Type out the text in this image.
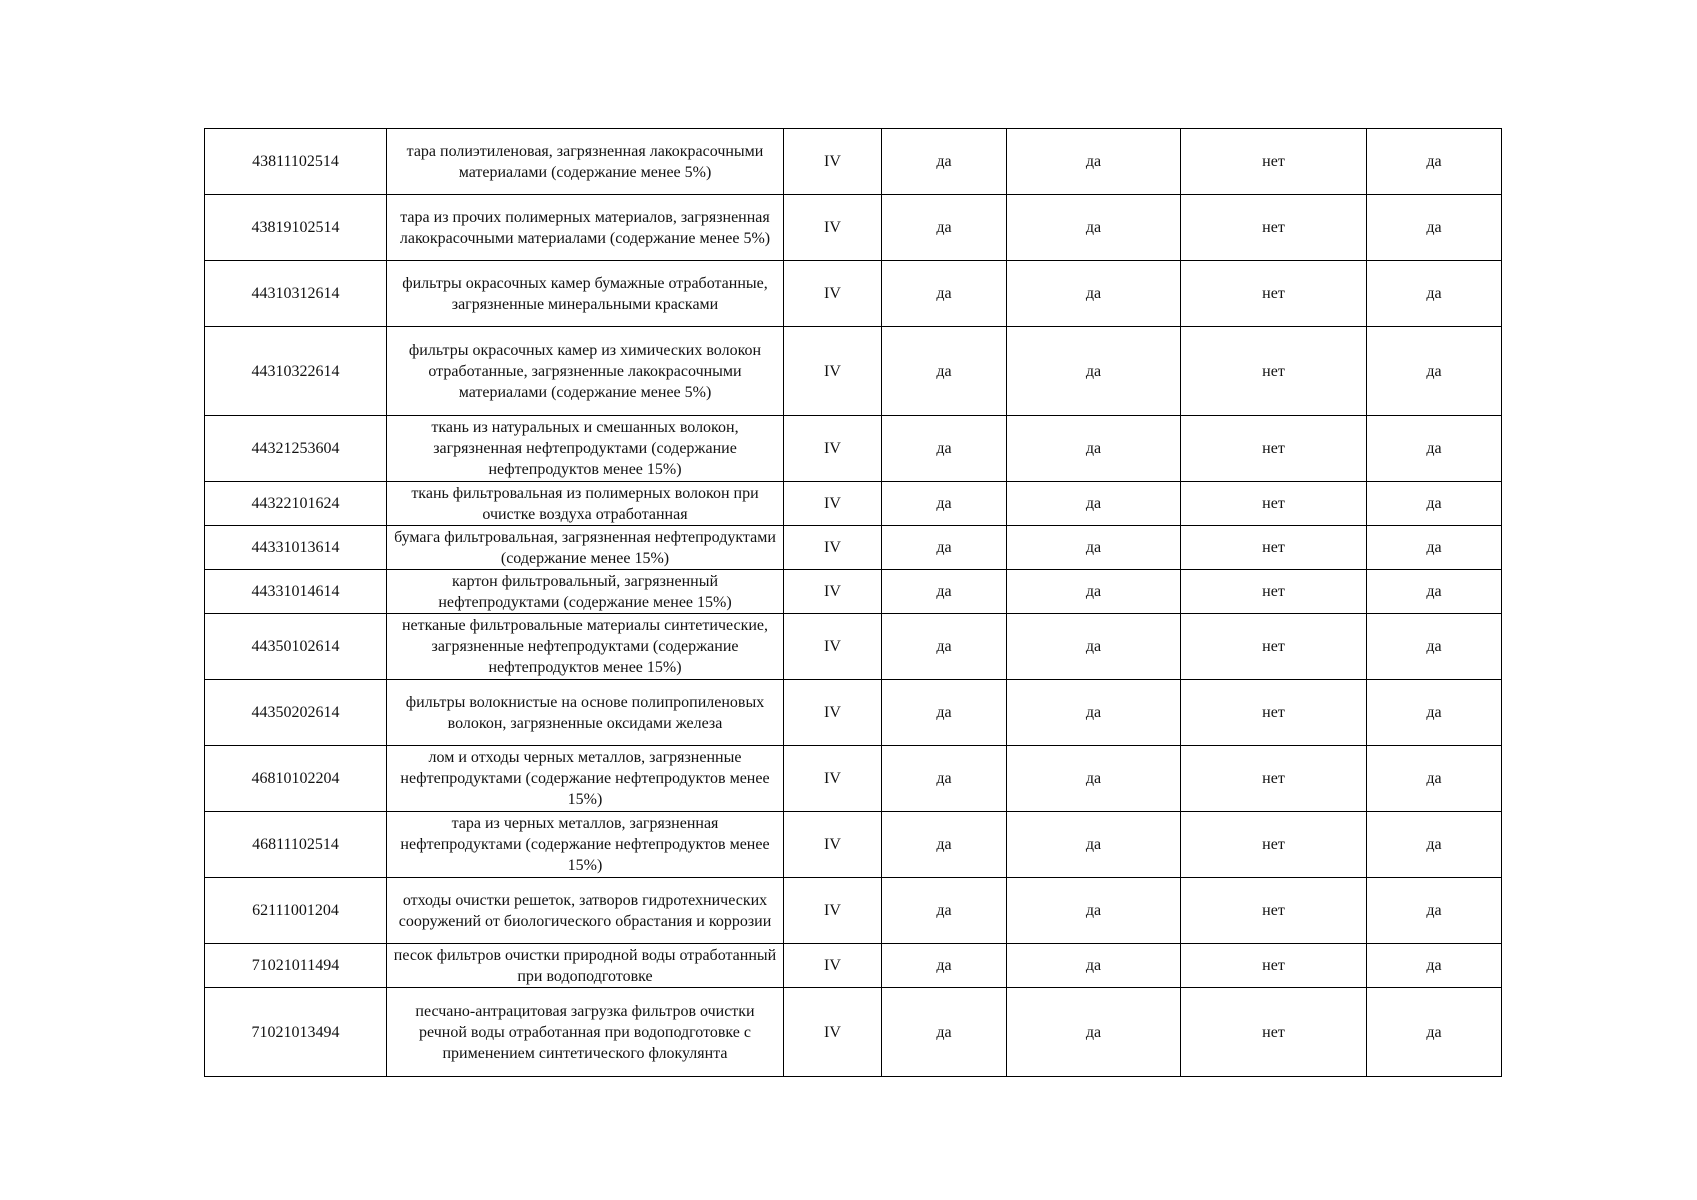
43811102514	тара полиэтиленовая, загрязненная лакокрасочными материалами (содержание менее 5%)	IV	да	да	нет	да
43819102514	тара из прочих полимерных материалов, загрязненная лакокрасочными материалами (содержание менее 5%)	IV	да	да	нет	да
44310312614	фильтры окрасочных камер бумажные отработанные, загрязненные минеральными красками	IV	да	да	нет	да
44310322614	фильтры окрасочных камер из химических волокон отработанные, загрязненные лакокрасочными материалами (содержание менее 5%)	IV	да	да	нет	да
44321253604	ткань из натуральных и смешанных волокон, загрязненная нефтепродуктами (содержание нефтепродуктов менее 15%)	IV	да	да	нет	да
44322101624	ткань фильтровальная из полимерных волокон при очистке воздуха отработанная	IV	да	да	нет	да
44331013614	бумага фильтровальная, загрязненная нефтепродуктами (содержание менее 15%)	IV	да	да	нет	да
44331014614	картон фильтровальный, загрязненный нефтепродуктами (содержание менее 15%)	IV	да	да	нет	да
44350102614	нетканые фильтровальные материалы синтетические, загрязненные нефтепродуктами (содержание нефтепродуктов менее 15%)	IV	да	да	нет	да
44350202614	фильтры волокнистые на основе полипропиленовых волокон, загрязненные оксидами железа	IV	да	да	нет	да
46810102204	лом и отходы черных металлов, загрязненные нефтепродуктами (содержание нефтепродуктов менее 15%)	IV	да	да	нет	да
46811102514	тара из черных металлов, загрязненная нефтепродуктами (содержание нефтепродуктов менее 15%)	IV	да	да	нет	да
62111001204	отходы очистки решеток, затворов гидротехнических сооружений от биологического обрастания и коррозии	IV	да	да	нет	да
71021011494	песок фильтров очистки природной воды отработанный при водоподготовке	IV	да	да	нет	да
71021013494	песчано-антрацитовая загрузка фильтров очистки речной воды отработанная при водоподготовке с применением синтетического флокулянта	IV	да	да	нет	да
